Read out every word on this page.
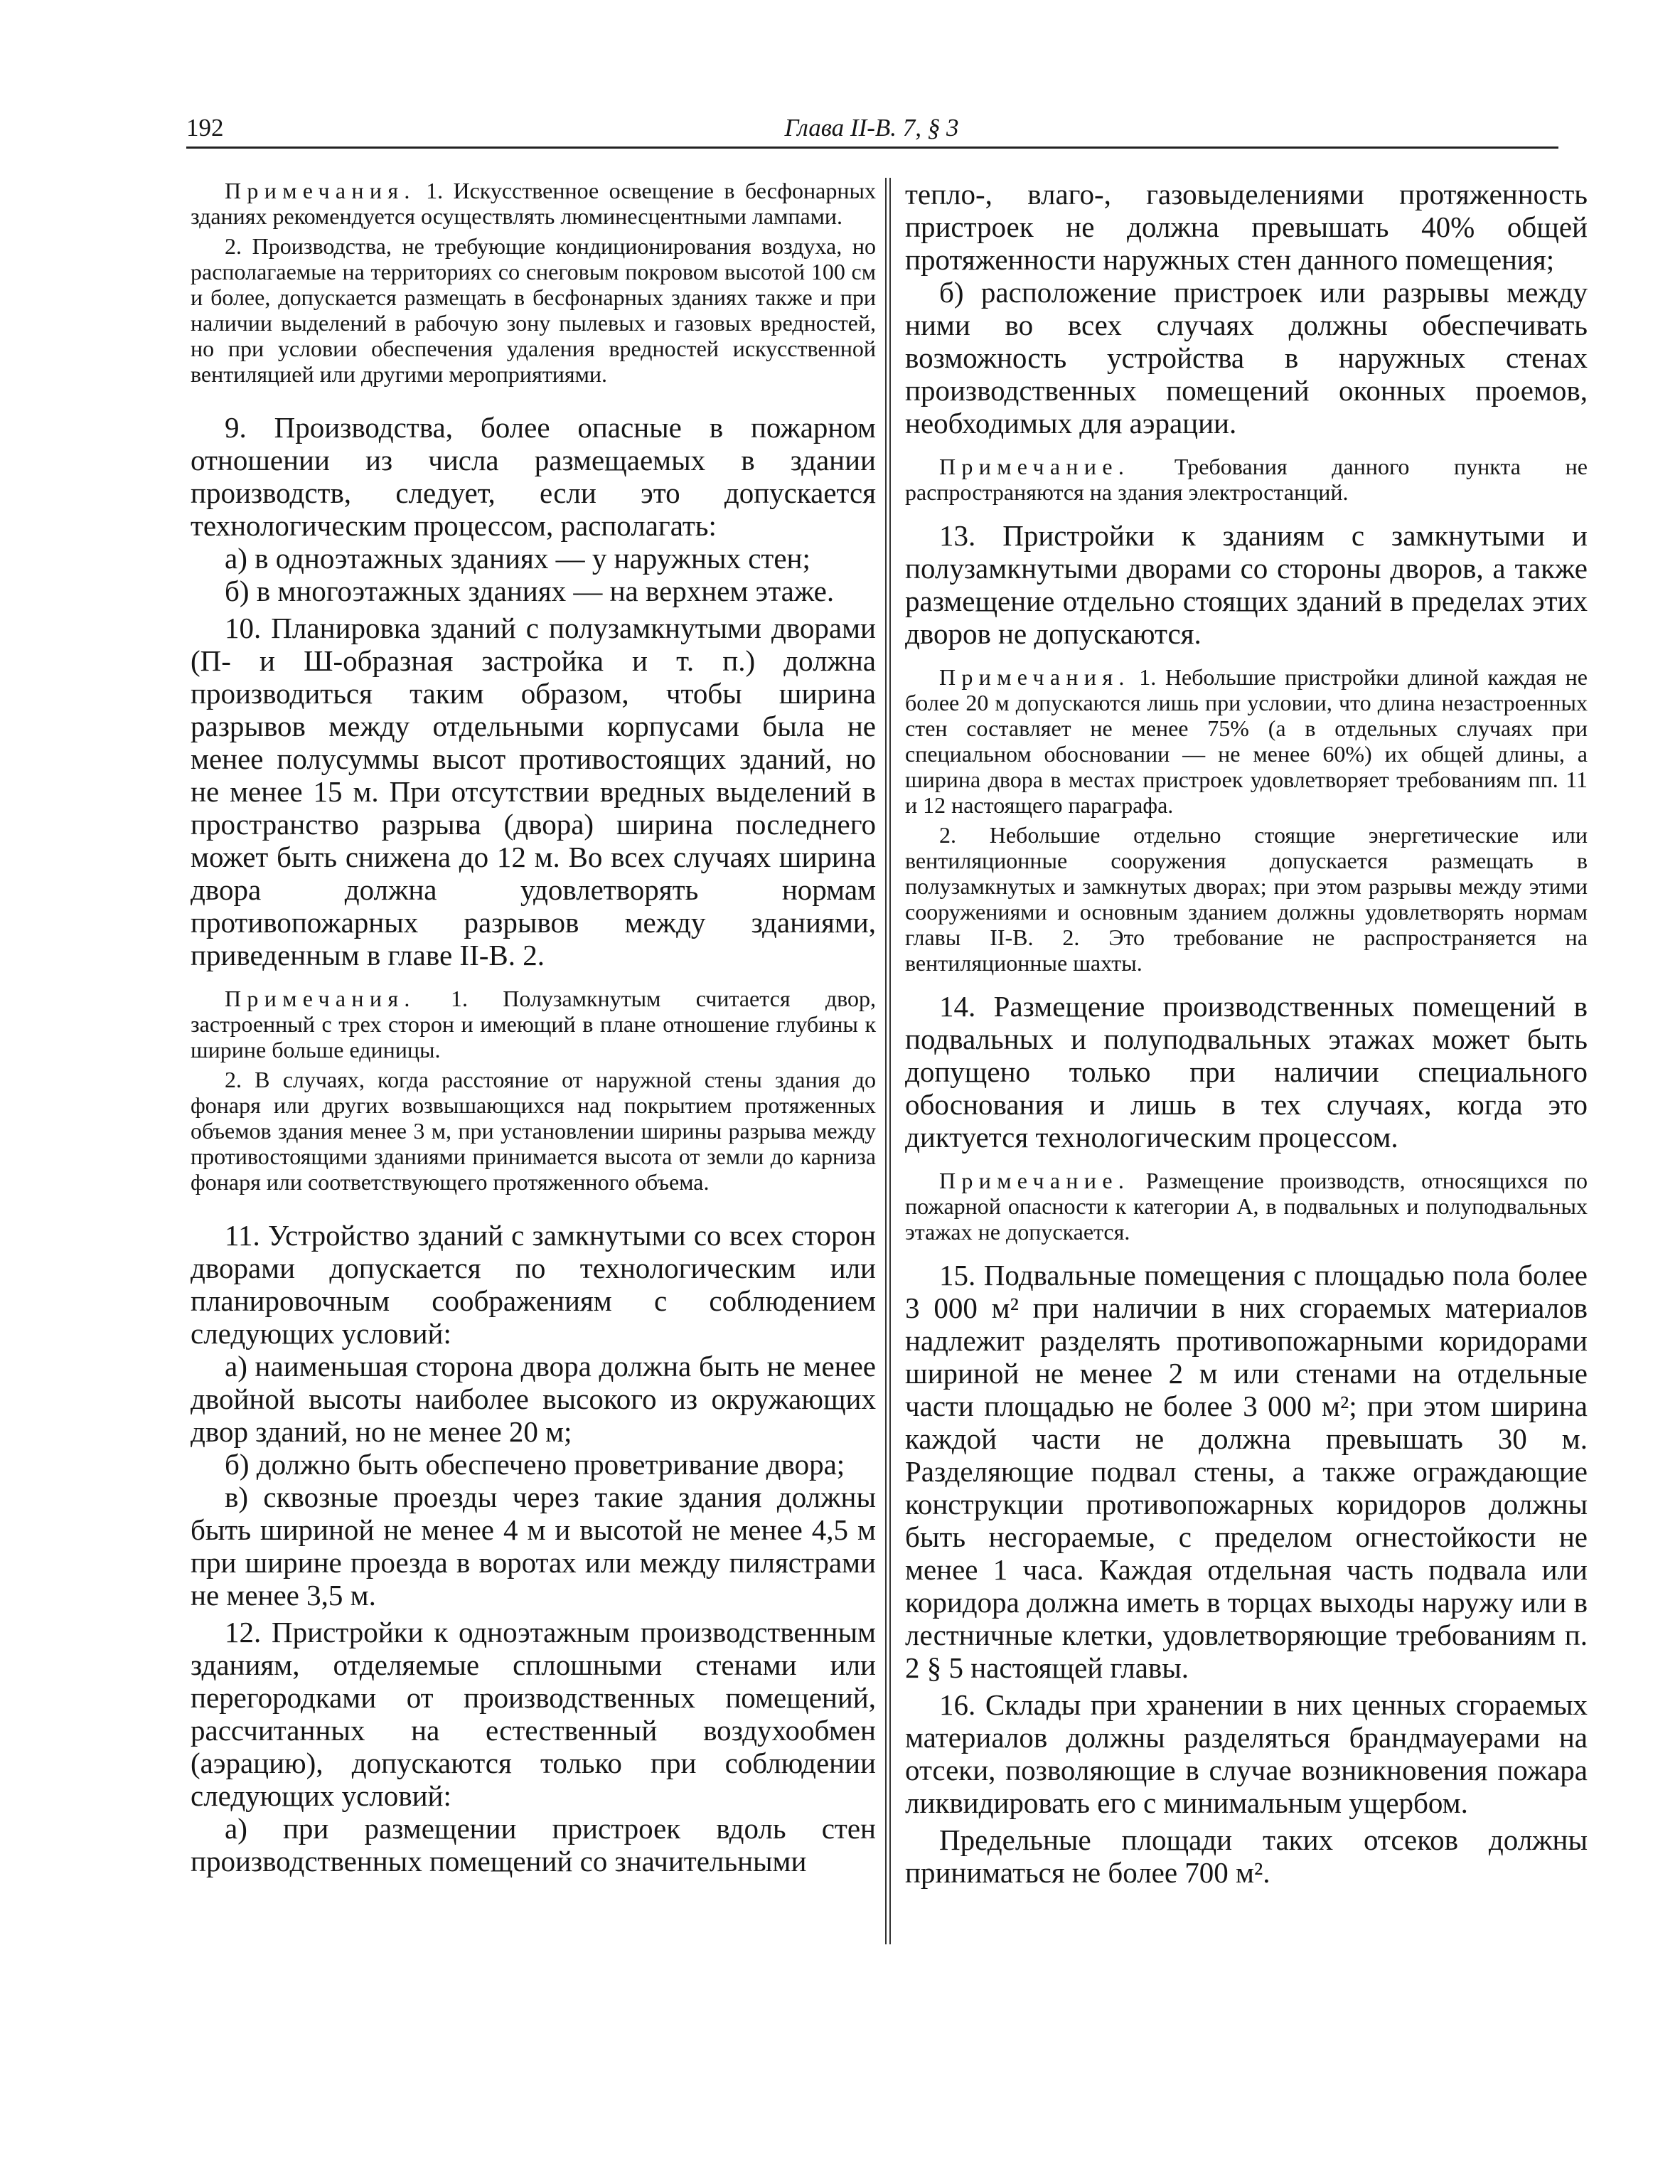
192	Глава II-B. 7, § 3

Примечания. 1. Искусственное освещение в бесфонарных зданиях рекомендуется осуществлять люминесцентными лампами.

2. Производства, не требующие кондиционирования воздуха, но располагаемые на территориях со снеговым покровом высотой 100 см и более, допускается размещать в бесфонарных зданиях также и при наличии выделений в рабочую зону пылевых и газовых вредностей, но при условии обеспечения удаления вредностей искусственной вентиляцией или другими мероприятиями.

9. Производства, более опасные в пожарном отношении из числа размещаемых в здании производств, следует, если это допускается технологическим процессом, располагать:

а) в одноэтажных зданиях — у наружных стен;

б) в многоэтажных зданиях — на верхнем этаже.

10. Планировка зданий с полузамкнутыми дворами (П- и Ш-образная застройка и т. п.) должна производиться таким образом, чтобы ширина разрывов между отдельными корпусами была не менее полусуммы высот противостоящих зданий, но не менее 15 м. При отсутствии вредных выделений в пространство разрыва (двора) ширина последнего может быть снижена до 12 м. Во всех случаях ширина двора должна удовлетворять нормам противопожарных разрывов между зданиями, приведенным в главе II-B. 2.

Примечания. 1. Полузамкнутым считается двор, застроенный с трех сторон и имеющий в плане отношение глубины к ширине больше единицы.

2. В случаях, когда расстояние от наружной стены здания до фонаря или других возвышающихся над покрытием протяженных объемов здания менее 3 м, при установлении ширины разрыва между противостоящими зданиями принимается высота от земли до карниза фонаря или соответствующего протяженного объема.

11. Устройство зданий с замкнутыми со всех сторон дворами допускается по технологическим или планировочным соображениям с соблюдением следующих условий:

а) наименьшая сторона двора должна быть не менее двойной высоты наиболее высокого из окружающих двор зданий, но не менее 20 м;

б) должно быть обеспечено проветривание двора;

в) сквозные проезды через такие здания должны быть шириной не менее 4 м и высотой не менее 4,5 м при ширине проезда в воротах или между пилястрами не менее 3,5 м.

12. Пристройки к одноэтажным производственным зданиям, отделяемые сплошными стенами или перегородками от производственных помещений, рассчитанных на естественный воздухообмен (аэрацию), допускаются только при соблюдении следующих условий:

а) при размещении пристроек вдоль стен производственных помещений со значительными

тепло-, влаго-, газовыделениями протяженность пристроек не должна превышать 40% общей протяженности наружных стен данного помещения;

б) расположение пристроек или разрывы между ними во всех случаях должны обеспечивать возможность устройства в наружных стенах производственных помещений оконных проемов, необходимых для аэрации.

Примечание. Требования данного пункта не распространяются на здания электростанций.

13. Пристройки к зданиям с замкнутыми и полузамкнутыми дворами со стороны дворов, а также размещение отдельно стоящих зданий в пределах этих дворов не допускаются.

Примечания. 1. Небольшие пристройки длиной каждая не более 20 м допускаются лишь при условии, что длина незастроенных стен составляет не менее 75% (а в отдельных случаях при специальном обосновании — не менее 60%) их общей длины, а ширина двора в местах пристроек удовлетворяет требованиям пп. 11 и 12 настоящего параграфа.

2. Небольшие отдельно стоящие энергетические или вентиляционные сооружения допускается размещать в полузамкнутых и замкнутых дворах; при этом разрывы между этими сооружениями и основным зданием должны удовлетворять нормам главы II-B. 2. Это требование не распространяется на вентиляционные шахты.

14. Размещение производственных помещений в подвальных и полуподвальных этажах может быть допущено только при наличии специального обоснования и лишь в тех случаях, когда это диктуется технологическим процессом.

Примечание. Размещение производств, относящихся по пожарной опасности к категории А, в подвальных и полуподвальных этажах не допускается.

15. Подвальные помещения с площадью пола более 3 000 м² при наличии в них сгораемых материалов надлежит разделять противопожарными коридорами шириной не менее 2 м или стенами на отдельные части площадью не более 3 000 м²; при этом ширина каждой части не должна превышать 30 м. Разделяющие подвал стены, а также ограждающие конструкции противопожарных коридоров должны быть несгораемые, с пределом огнестойкости не менее 1 часа. Каждая отдельная часть подвала или коридора должна иметь в торцах выходы наружу или в лестничные клетки, удовлетворяющие требованиям п. 2 § 5 настоящей главы.

16. Склады при хранении в них ценных сгораемых материалов должны разделяться брандмауерами на отсеки, позволяющие в случае возникновения пожара ликвидировать его с минимальным ущербом.

Предельные площади таких отсеков должны приниматься не более 700 м².
